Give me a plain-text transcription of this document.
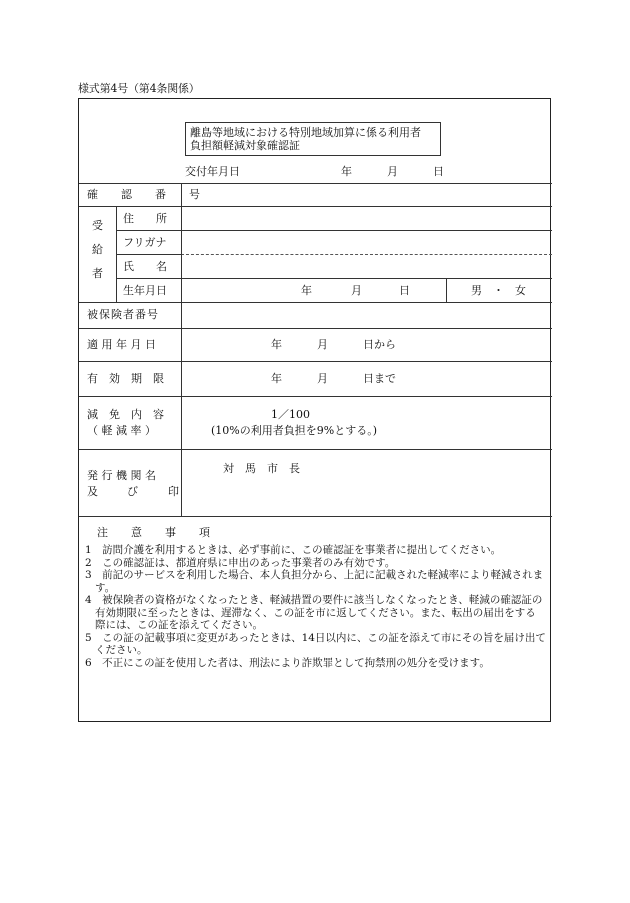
様式第4号（第4条関係）
離島等地域における特別地域加算に係る利用者
負担額軽減対象確認証
交付年月日	年	月	日
確　認　番　号
受
給
者
住　　所
フリガナ
氏　　名
生年月日	年	月	日	男　・　女
被保険者番号
適 用 年 月 日	年	月	日から
有　効　期　限	年	月	日まで
減　免　内　容
（ 軽 減 率 ）
1／100
(10%の利用者負担を9%とする。)
発 行 機 関 名
及	び	印
対　馬　市　長

注　意　事　項

1　訪問介護を利用するときは、必ず事前に、この確認証を事業者に提出してください。

2　この確認証は、都道府県に申出のあった事業者のみ有効です。

3　前記のサービスを利用した場合、本人負担分から、上記に記載された軽減率により軽減されます。

4　被保険者の資格がなくなったとき、軽減措置の要件に該当しなくなったとき、軽減の確認証の有効期限に至ったときは、遅滞なく、この証を市に返してください。また、転出の届出をする際には、この証を添えてください。

5　この証の記載事項に変更があったときは、14日以内に、この証を添えて市にその旨を届け出てください。

6　不正にこの証を使用した者は、刑法により詐欺罪として拘禁刑の処分を受けます。
